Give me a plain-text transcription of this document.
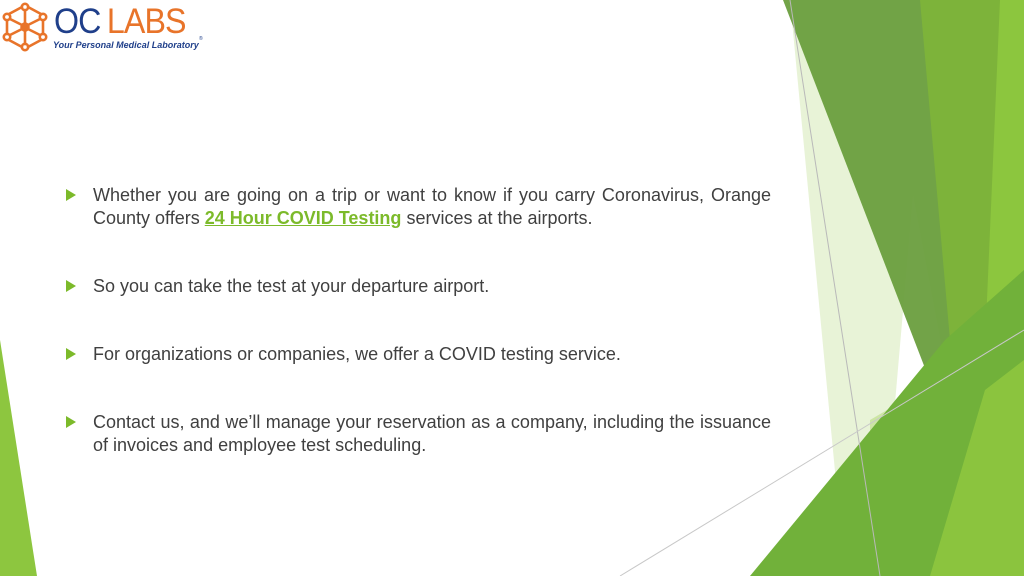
OC LABS
Your Personal Medical Laboratory
®
Whether you are going on a trip or want to know if you carry Coronavirus, Orange County offers 24 Hour COVID Testing services at the airports.
So you can take the test at your departure airport.
For organizations or companies, we offer a COVID testing service.
Contact us, and we’ll manage your reservation as a company, including the issuance of invoices and employee test scheduling.
